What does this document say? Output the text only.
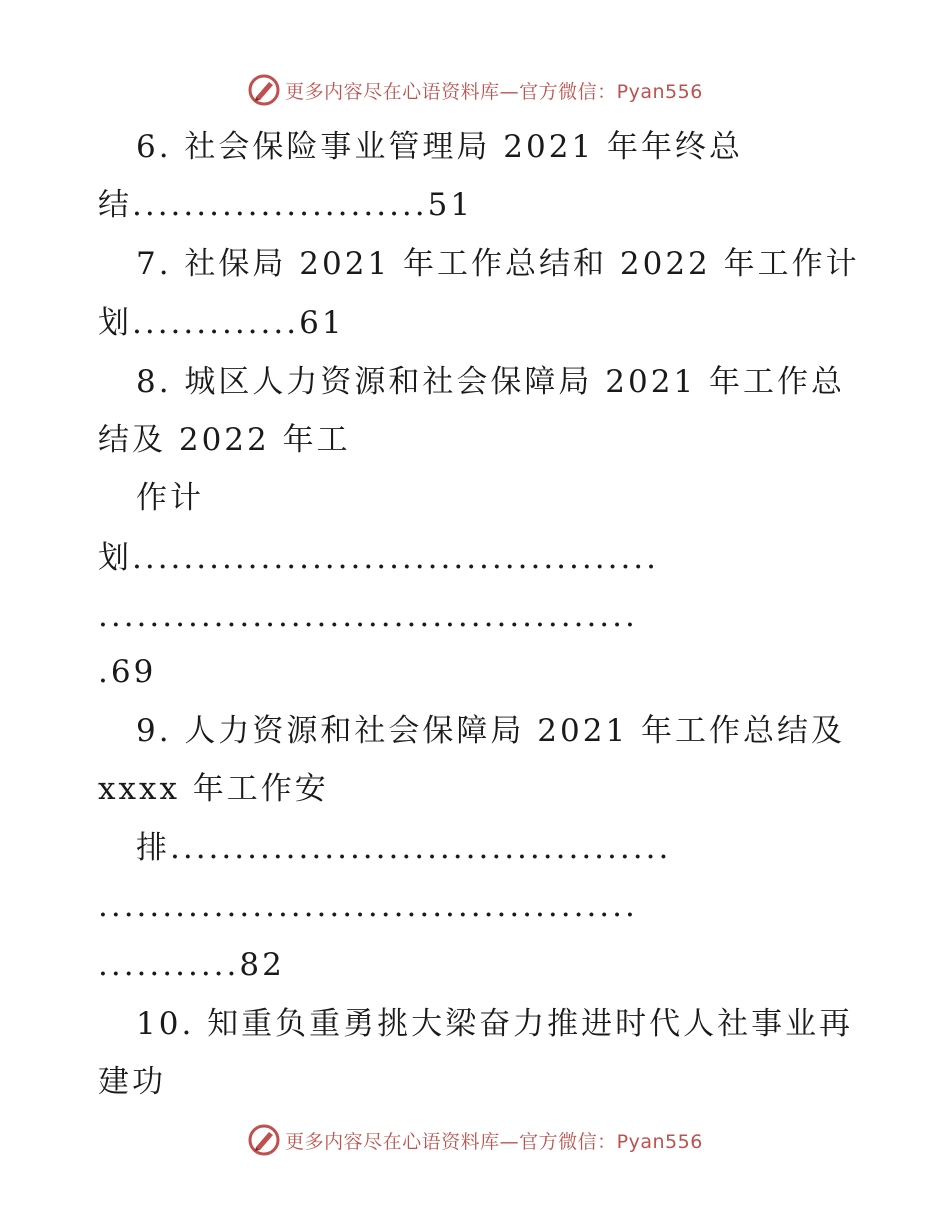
更多内容尽在心语资料库—官方微信：Pyan556
6. 社会保险事业管理局 2021 年年终总
结.......................51
7. 社保局 2021 年工作总结和 2022 年工作计
划.............61
8. 城区人力资源和社会保障局 2021 年工作总
结及 2022 年工
作计
划.........................................
..........................................
.69
9. 人力资源和社会保障局 2021 年工作总结及
xxxx 年工作安
排.......................................
..........................................
...........82
10. 知重负重勇挑大梁奋力推进时代人社事业再
建功
更多内容尽在心语资料库—官方微信：Pyan556
